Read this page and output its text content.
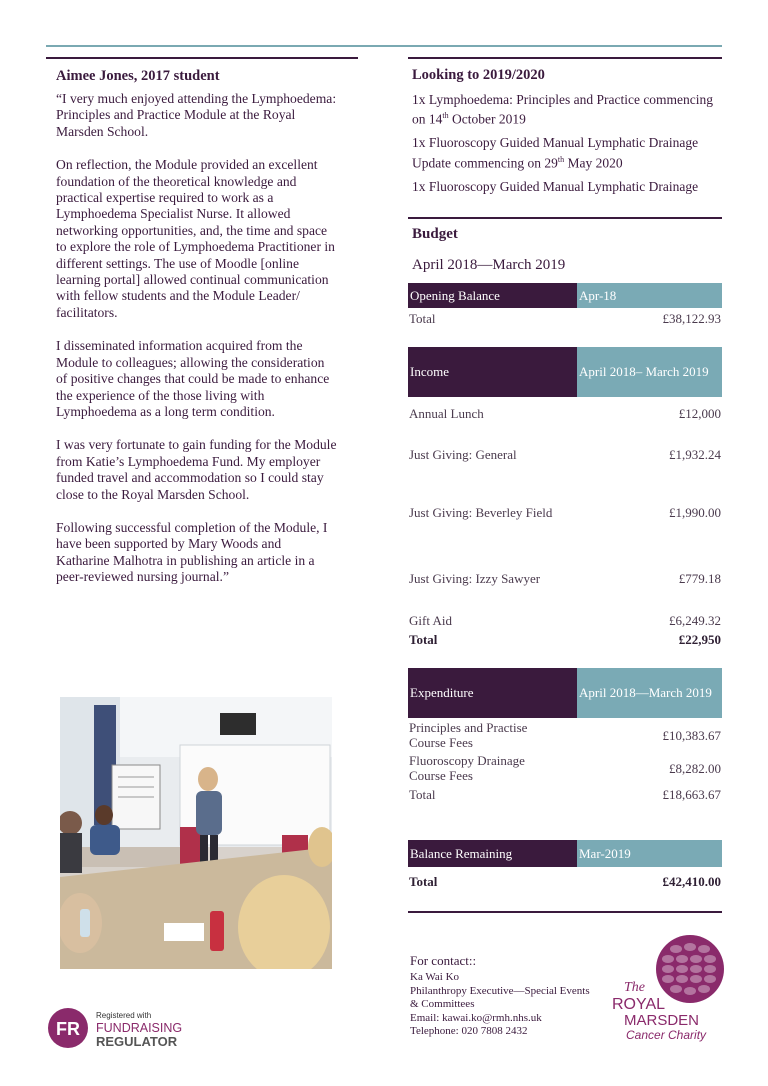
Aimee Jones, 2017 student

“I very much enjoyed attending the Lymphoedema: Principles and Practice Module at the Royal Marsden School.

On reflection, the Module provided an excellent foundation of the theoretical knowledge and practical expertise required to work as a Lymphoedema Specialist Nurse. It allowed networking opportunities, and, the time and space to explore the role of Lymphoedema Practitioner in different settings. The use of Moodle [online learning portal] allowed continual communication with fellow students and the Module Leader/ facilitators.

I disseminated information acquired from the Module to colleagues; allowing the consideration of positive changes that could be made to enhance the experience of the those living with Lymphoedema as a long term condition.

I was very fortunate to gain funding for the Module from Katie’s Lymphoedema Fund. My employer funded travel and accommodation so I could stay close to the Royal Marsden School.

Following successful completion of the Module, I have been supported by Mary Woods and Katharine Malhotra in publishing an article in a peer-reviewed nursing journal.”

Looking to 2019/2020

1x Lymphoedema: Principles and Practice commencing on 14th October 2019

1x Fluoroscopy Guided Manual Lymphatic Drainage Update commencing on 29th May 2020

1x Fluoroscopy Guided Manual Lymphatic Drainage

Budget
April 2018—March 2019
Opening Balance	Apr-18
Total	£38,122.93
Income	April 2018– March 2019
Annual Lunch	£12,000
Just Giving: General	£1,932.24
Just Giving: Beverley Field	£1,990.00
Just Giving: Izzy Sawyer	£779.18
Gift Aid	£6,249.32
Total	£22,950
Expenditure	April 2018—March 2019
Principles and Practise Course Fees	£10,383.67
Fluoroscopy Drainage Course Fees	£8,282.00
Total	£18,663.67
Balance Remaining	Mar-2019
Total	£42,410.00
For contact::
Ka Wai Ko
Philanthropy Executive—Special Events & Committees
Email: kawai.ko@rmh.nhs.uk
Telephone: 020 7808 2432
FR
Registered with
FUNDRAISING
REGULATOR
The
ROYAL
MARSDEN
Cancer Charity
